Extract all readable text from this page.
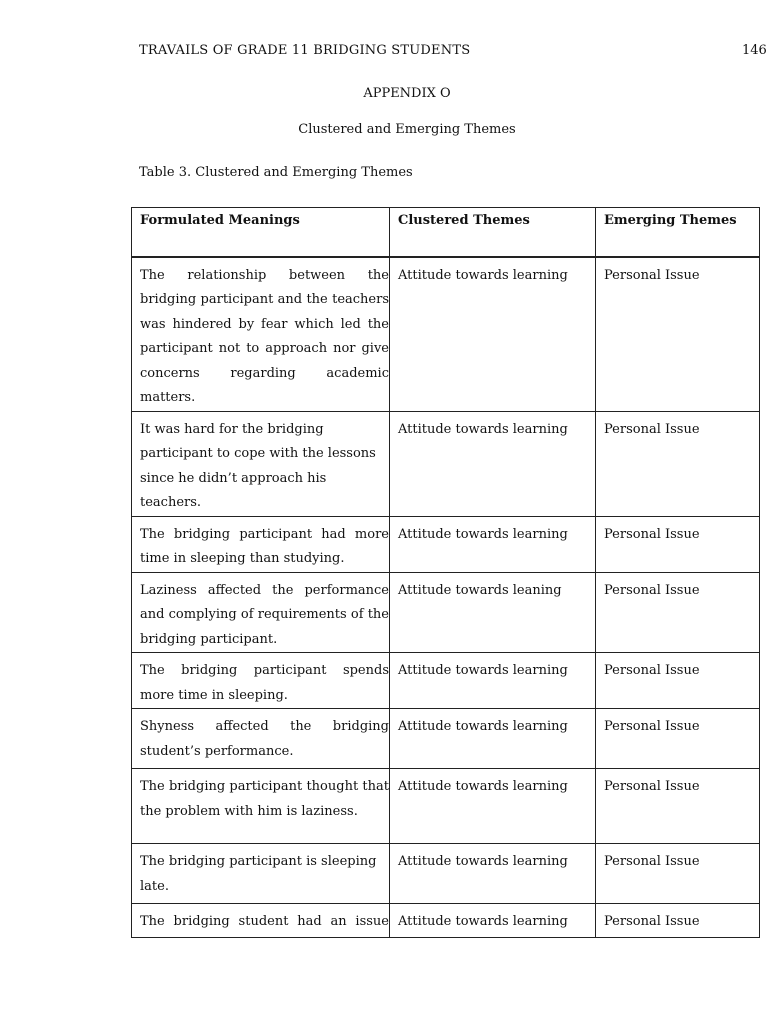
TRAVAILS OF GRADE 11 BRIDGING STUDENTS	146
APPENDIX O
Clustered and Emerging Themes
Table 3. Clustered and Emerging Themes
Formulated Meanings	Clustered Themes	Emerging Themes
The relationship between the bridging participant and the teachers was hindered by fear which led the participant not to approach nor give concerns regarding academic matters.	Attitude towards learning	Personal Issue
It was hard for the bridging participant to cope with the lessons since he didn’t approach his teachers.	Attitude towards learning	Personal Issue
The bridging participant had more time in sleeping than studying.	Attitude towards learning	Personal Issue
Laziness affected the performance and complying of requirements of the bridging participant.	Attitude towards leaning	Personal Issue
The bridging participant spends more time in sleeping.	Attitude towards learning	Personal Issue
Shyness affected the bridging student’s performance.	Attitude towards learning	Personal Issue
The bridging participant thought that the problem with him is laziness.	Attitude towards learning	Personal Issue
The bridging participant is sleeping late.	Attitude towards learning	Personal Issue
The bridging student had an issue	Attitude towards learning	Personal Issue
